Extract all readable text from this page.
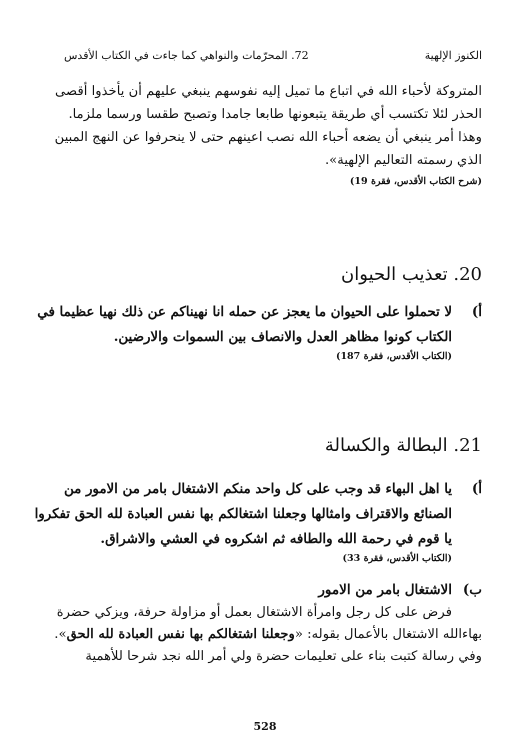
الكنوز الإلهية
72. المحرّمات والنواهي كما جاءت في الكتاب الأقدس
المتروكة لأحباء الله في اتباع ما تميل إليه نفوسهم ينبغي عليهم أن يأخذوا أقصى
الحذر لئلا تكتسب أي طريقة يتبعونها طابعا جامدا وتصبح طقسا ورسما ملزما.
وهذا أمر ينبغي أن يضعه أحباء الله نصب اعينهم حتى لا ينحرفوا عن النهج المبين
الذي رسمته التعاليم الإلهية».‏
(شرح الكتاب الأقدس، فقرة 19)
20. تعذيب الحيوان
أ)
لا تحملوا على الحيوان ما يعجز عن حمله انا نهيناكم عن ذلك نهيا عظيما في
الكتاب كونوا مظاهر العدل والانصاف بين السموات والارضين.
(الكتاب الأقدس، فقرة 187)
21. البطالة والكسالة
أ)
يا اهل البهاء قد وجب على كل واحد منكم الاشتغال بامر من الامور من
الصنائع والاقتراف وامثالها وجعلنا اشتغالكم بها نفس العبادة لله الحق تفكروا
يا قوم في رحمة الله والطافه ثم اشكروه في العشي والاشراق.
(الكتاب الأقدس، فقرة 33)
ب)
الاشتغال بامر من الامور
فرض على كل رجل وامرأة الاشتغال بعمل أو مزاولة حرفة، ويزكي حضرة
بهاءالله الاشتغال بالأعمال بقوله: «وجعلنا اشتغالكم بها نفس العبادة لله الحق».
وفي رسالة كتبت بناء على تعليمات حضرة ولي أمر الله نجد شرحا للأهمية
528
